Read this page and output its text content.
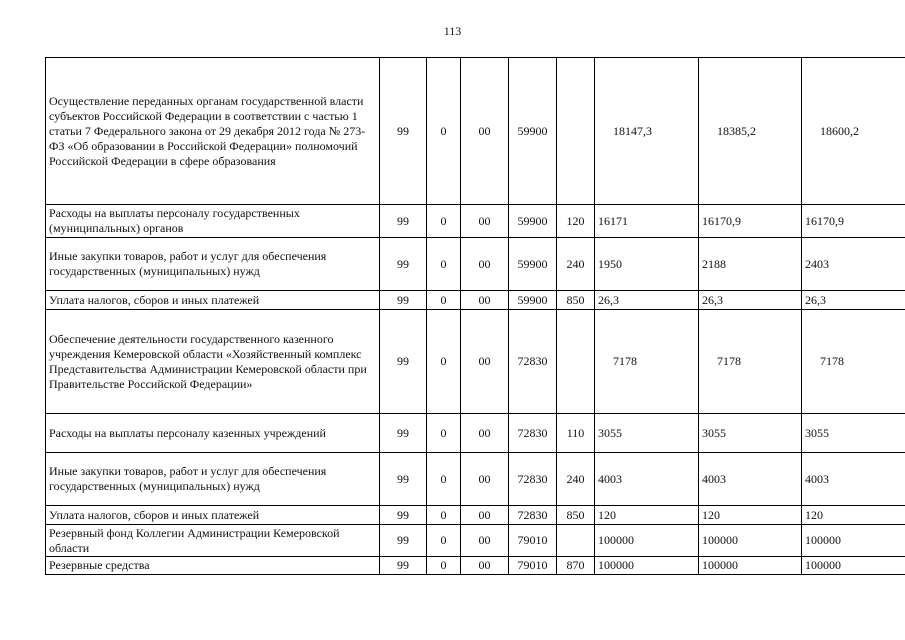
113
Осуществление переданных органам государственной власти субъектов Российской Федерации в соответствии с частью 1 статьи 7 Федерального закона от 29 декабря 2012 года № 273-ФЗ «Об образовании в Российской Федерации» полномочий Российской Федерации в сфере образования	99	0	00	59900		18147,3	18385,2	18600,2
Расходы на выплаты персоналу государственных (муниципальных) органов	99	0	00	59900	120	16171	16170,9	16170,9
Иные закупки товаров, работ и услуг для обеспечения государственных (муниципальных) нужд	99	0	00	59900	240	1950	2188	2403
Уплата налогов, сборов и иных платежей	99	0	00	59900	850	26,3	26,3	26,3
Обеспечение деятельности государственного казенного учреждения Кемеровской области «Хозяйственный комплекс Представительства Администрации Кемеровской области при Правительстве Российской Федерации»	99	0	00	72830		7178	7178	7178
Расходы на выплаты персоналу казенных учреждений	99	0	00	72830	110	3055	3055	3055
Иные закупки товаров, работ и услуг для обеспечения государственных (муниципальных) нужд	99	0	00	72830	240	4003	4003	4003
Уплата налогов, сборов и иных платежей	99	0	00	72830	850	120	120	120
Резервный фонд Коллегии Администрации Кемеровской области	99	0	00	79010		100000	100000	100000
Резервные средства	99	0	00	79010	870	100000	100000	100000
